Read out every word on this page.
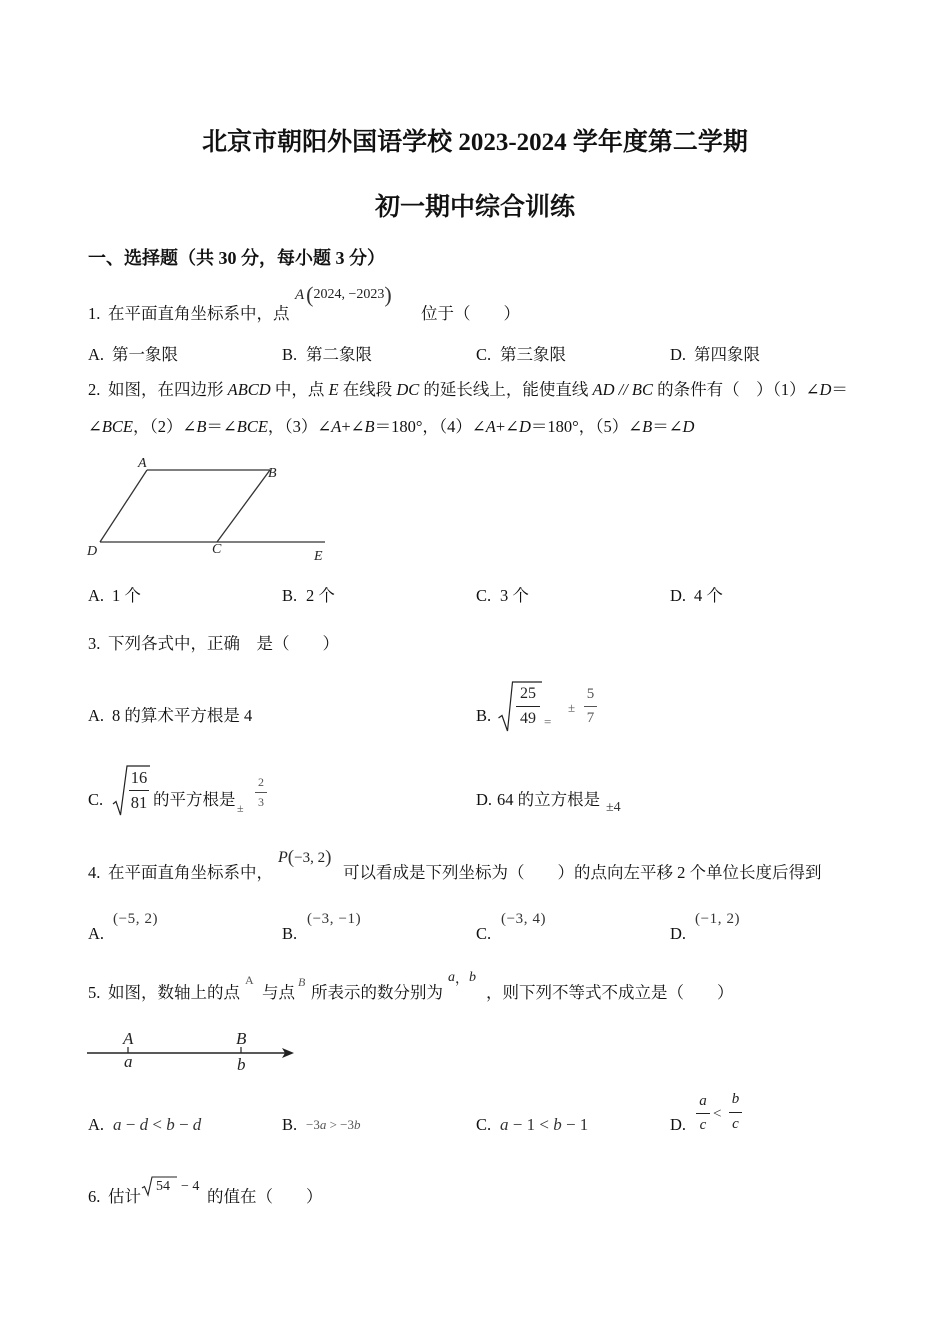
北京市朝阳外国语学校 2023-2024 学年度第二学期
初一期中综合训练
一、选择题（共 30 分，每小题 3 分）
1. 在平面直角坐标系中，点
A ( 2024, −2023 )
位于（　　）
A. 第一象限	B. 第二象限	C. 第三象限	D. 第四象限
2. 如图，在四边形 ABCD 中，点 E 在线段 DC 的延长线上，能使直线 AD // BC 的条件有（　）（1）∠D＝
∠BCE，（2）∠B＝∠BCE，（3）∠A+∠B＝180°，（4）∠A+∠D＝180°，（5）∠B＝∠D
A
B
C
D	E
A. 1 个	B. 2 个	C. 3 个	D. 4 个
3. 下列各式中，正确　是（　　）
A. 8 的算术平方根是 4	B.
25
49 =
±
5
7
C.
16
81 的平方根是 ±
2
3	D. 64 的立方根是 ±4
4. 在平面直角坐标系中，
P ( −3, 2 )
可以看成是下列坐标为（　　）的点向左平移 2 个单位长度后得到
A.
(−5, 2)
B.
(−3, −1)
C.
(−3, 4)
D.
(−1, 2)
5. 如图，数轴上的点
A
与点
B
所表示的数分别为
a ， b
，则下列不等式不成立是（　　）
A
a
B
b
A. a − d < b − d	B. −3a > −3b	C. a − 1 < b − 1	D.
a
c
<
b
c
6. 估计
54 − 4
的值在（　　）
